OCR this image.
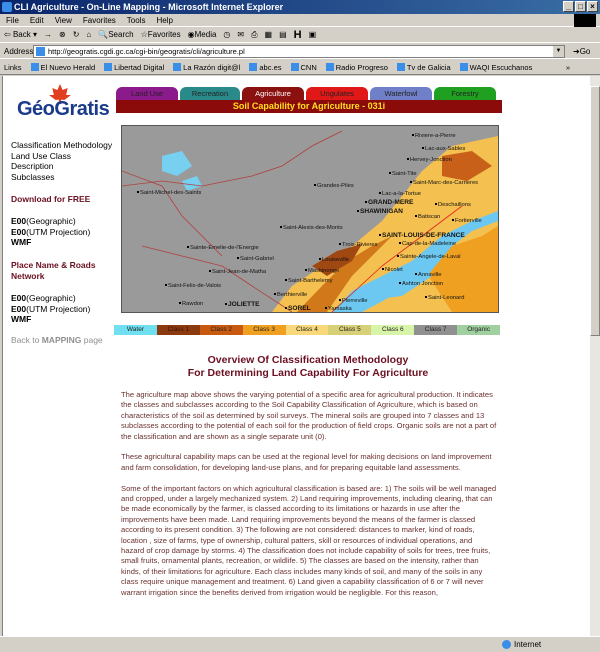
CLI Agriculture - On-Line Mapping - Microsoft Internet Explorer	_ □ ×
File Edit View Favorites Tools Help
⇦ Back ▾ → ⊗ ↻ ⌂ 🔍Search ☆Favorites ◉Media ◷ ✉ ⎙ ▦ ▤ H ▣
Address	http://geogratis.cgdi.gc.ca/cgi-bin/geogratis/cli/agriculture.pl	▼	➜Go
Links	El Nuevo Herald	Libertad Digital	La Razón digit@l	abc.es	CNN	Radio Progreso	Tv de Galicia	WAQI Escuchanos	»
GéoGratis
Classification Methodology
Land Use Class
Description
Subclasses
Download for FREE
E00(Geographic)
E00(UTM Projection)
WMF
Place Name & Roads Network
E00(Geographic)
E00(UTM Projection)
WMF
Back to MAPPING page
Land Use	Recreation	Agriculture	Ungulates	Waterfowl	Forestry
Soil Capability for Agriculture - 031i
Riviere-a-Pierre
Lac-aux-Sables
Hervey-Jonction
Saint-Tite
Saint-Marc-des-Carrieres
Grandes-Piles
Saint-Michel-des-Saints	Lac-a-la-Tortue
GRAND-MERE
SHAWINIGAN
Deschaillons
Batiscan
Fortierville
Saint-Alexis-des-Monts
SAINT-LOUIS-DE-FRANCE
Trois-Rivieres	Cap-de-la-Madeleine
Sainte-Emelie-de-l'Energie
Sainte-Angele-de-Laval
Saint-Gabriel	Louiseville
Saint-Jean-de-Matha	Maskinonge	Nicolet
Annaville
Saint-Barthelemy
Saint-Felix-de-Valois	Ashton Jonction
Berthierville	Saint-Leonard
Rawdon	JOLIETTE	Pierreville
SOREL	Yamaska
Water	Class 1	Class 2	Class 3	Class 4	Class 5	Class 6	Class 7	Organic
Overview Of Classification Methodology
For Determining Land Capability For Agriculture

The agriculture map above shows the varying potential of a specific area for agricultural production. It indicates the classes and subclasses according to the Soil Capability Classification of Agriculture, which is based on characteristics of the soil as determined by soil surveys. The mineral soils are grouped into 7 classes and 13 subclasses according to the potential of each soil for the production of field crops. Organic soils are not a part of the classification and are shown as a single separate unit (0).

These agricultural capability maps can be used at the regional level for making decisions on land improvement and farm consolidation, for developing land-use plans, and for preparing equitable land assessments.

Some of the important factors on which agricultural classification is based are: 1) The soils will be well managed and cropped, under a largely mechanized system. 2) Land requiring improvements, including clearing, that can be made economically by the farmer, is classed according to its limitations or hazards in use after the improvements have been made. Land requiring improvements beyond the means of the farmer is classed according to its present condition. 3) The following are not considered: distances to marker, kind of roads, location , size of farms, type of ownership, cultural patters, skill or resources of individual operations, and hazard of crop damage by storms. 4) The classification does not include capability of soils for trees, tree fruits, small fruits, ornamental plants, recreation, or wildlife. 5) The classes are based on the intensity, rather than kinds, of their limitations for agriculture. Each class includes many kinds of soil, and many of the soils in any class require unique management and treatment. 6) Land given a capability classification of 6 or 7 will never warrant irrigation since the benefits derived from irrigation would be negligible. For this reason,

Internet
